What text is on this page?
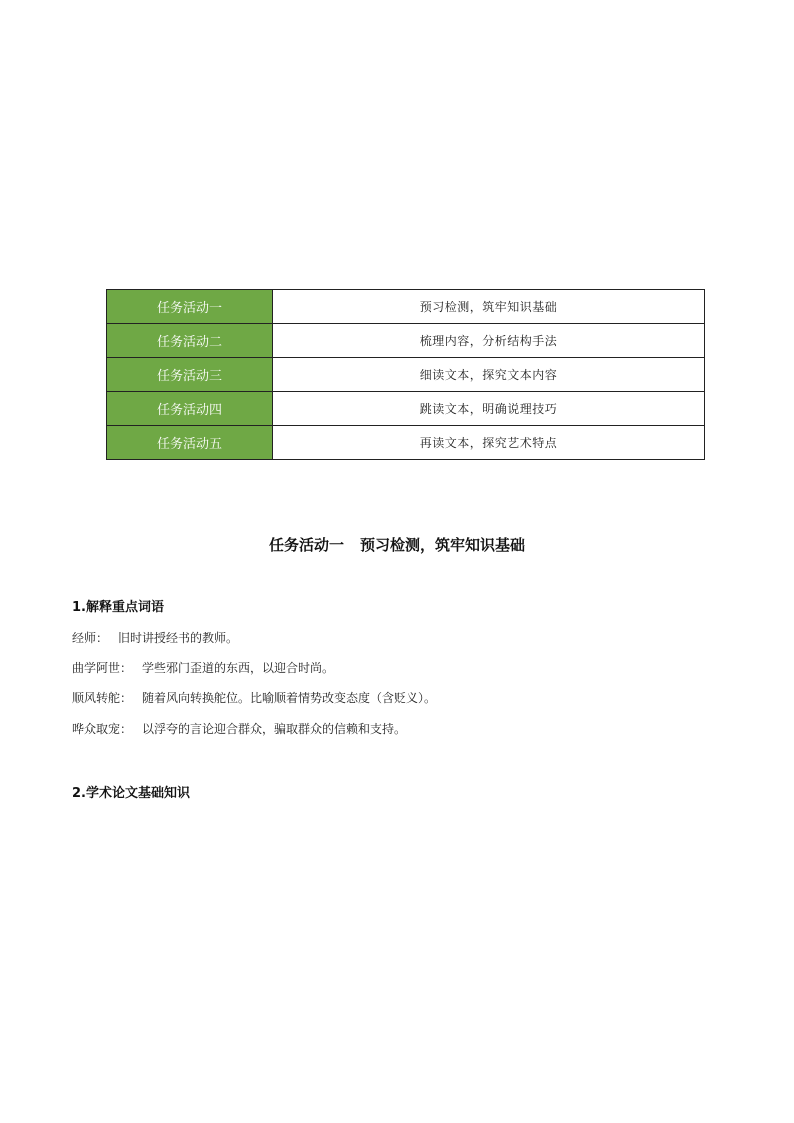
任务活动一	预习检测，筑牢知识基础
任务活动二	梳理内容，分析结构手法
任务活动三	细读文本，探究文本内容
任务活动四	跳读文本，明确说理技巧
任务活动五	再读文本，探究艺术特点
任务活动一 预习检测，筑牢知识基础
1.解释重点词语

经师： 旧时讲授经书的教师。

曲学阿世： 学些邪门歪道的东西，以迎合时尚。

顺风转舵： 随着风向转换舵位。比喻顺着情势改变态度（含贬义）。

哗众取宠： 以浮夸的言论迎合群众，骗取群众的信赖和支持。

2.学术论文基础知识
